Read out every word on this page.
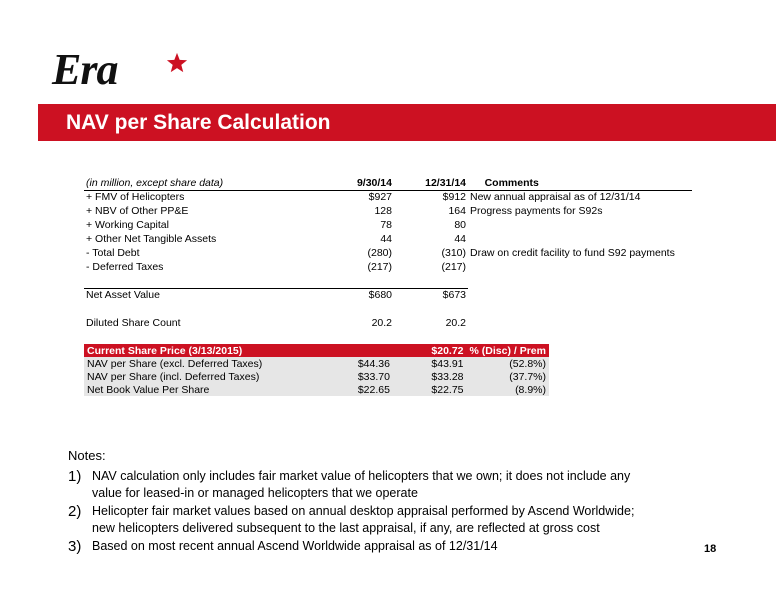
Era
NAV per Share Calculation
(in million, except share data)	9/30/14	12/31/14	Comments
+ FMV of Helicopters	$927	$912	New annual appraisal as of 12/31/14
+ NBV of Other PP&E	128	164	Progress payments for S92s
+ Working Capital	78	80	
+ Other Net Tangible Assets	44	44	
- Total Debt	(280)	(310)	Draw on credit facility to fund S92 payments
- Deferred Taxes	(217)	(217)	

Net Asset Value	$680	$673	

Diluted Share Count	20.2	20.2	
Current Share Price (3/13/2015)		$20.72	% (Disc) / Prem
NAV per Share (excl. Deferred Taxes)	$44.36	$43.91	(52.8%)
NAV per Share (incl. Deferred Taxes)	$33.70	$33.28	(37.7%)
Net Book Value Per Share	$22.65	$22.75	(8.9%)
Notes:
1) NAV calculation only includes fair market value of helicopters that we own; it does not include any
value for leased-in or managed helicopters that we operate
2) Helicopter fair market values based on annual desktop appraisal performed by Ascend Worldwide;
new helicopters delivered subsequent to the last appraisal, if any, are reflected at gross cost
3) Based on most recent annual Ascend Worldwide appraisal as of 12/31/14	18
